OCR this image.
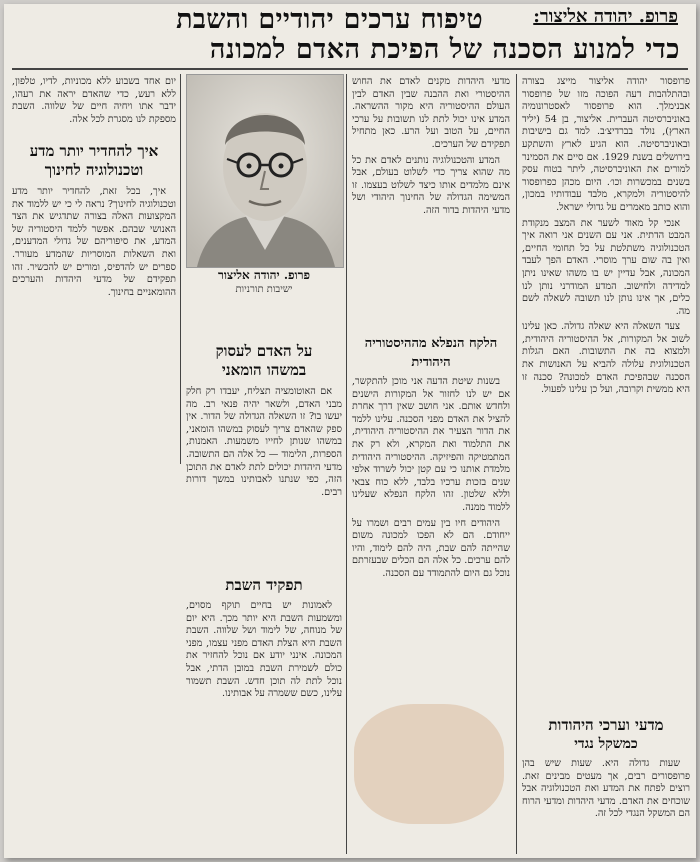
פרופ. יהודה אליצור:
טיפוח ערכים יהודיים והשבת
כדי למנוע הסכנה של הפיכת האדם למכונה

פרופסור יהודה אליצור מייצג בצורה ובהתלהבות דעה הפוכה מזו של פרופסור אבנימלך. הוא פרופסור לאסטרונומיה באוניברסיטה העברית. אליצור, בן 54 (יליד הארץ), נולד בברדיצ׳ב. למד גם בישיבות ובאוניברסיטה. הוא הגיע לארץ והשתקע בירושלים בשנת 1929. אם סיים את הסמינר למורים את האוניברסיטה, ליתר בטוח עסק בשנים במכשרות וכו׳. היום מכהן כפרופסור להיסטוריה ולמקרא, מלבד עבודותיו במכון, והוא כותב מאמרים על גדולי ישראל.

אנכי קל מאוד לשער את המצב מנקודת המבט הדתית. אני עם השנים אני רואה איך הטכנולוגיה משתלטת על כל תחומי החיים, ואין בה שום ערך מוסרי. האדם הפך לעבד המכונה, אבל עדיין יש בו משהו שאינו ניתן למדידה ולחישוב. המדע המודרני נותן לנו כלים, אך אינו נותן לנו תשובה לשאלה לשם מה.

צעד השאלה היא שאלה גדולה. כאן עלינו לשוב אל המקורות, אל ההיסטוריה היהודית, ולמצוא בה את התשובות. האם הגלות הטכנולוגית עלולה להביא על האנושות את הסכנה שבהפיכת האדם למכונה? סכנה זו היא ממשית וקרובה, ועל כן עלינו לפעול.

מדעי וערכי היהודות
כמשקל נגדי

שעות גדולה היא. שעות שיש בהן פרופסורים רבים, אך מעטים מבינים זאת. רוצים לפתח את המדע ואת הטכנולוגיה אבל שוכחים את האדם. מדעי היהדות ומדעי הרוח הם המשקל הנגדי לכל זה.

מדעי היהדות מקנים לאדם את החוש ההיסטורי ואת ההבנה שבין האדם לבין העולם ההיסטוריה היא מקור ההשראה. המדע אינו יכול לתת לנו תשובות על ערכי החיים, על הטוב ועל הרע. כאן מתחיל תפקידם של הערכים.

המדע והטכנולוגיה נותנים לאדם את כל מה שהוא צריך כדי לשלוט בעולם, אבל אינם מלמדים אותו כיצד לשלוט בעצמו. זו המשימה הגדולה של החינוך היהודי ושל מדעי היהדות בדור הזה.

הלקח הנפלא מההיסטוריה
היהודית

בשנות שיטת הדעה אני מוכן להתקשר, אם יש לנו לחזור אל המקורות הישנים ולחדש אותם. אני חושב שאין דרך אחרת להציל את האדם מפני הסכנה. עלינו ללמד את הדור הצעיר את ההיסטוריה היהודית, את התלמוד ואת המקרא, ולא רק את המתמטיקה והפיזיקה. ההיסטוריה היהודית מלמדת אותנו כי עם קטן יכול לשרוד אלפי שנים בזכות ערכיו בלבד, ללא כוח צבאי וללא שלטון. זהו הלקח הנפלא שעלינו ללמוד ממנה.

היהודים חיו בין עמים רבים ושמרו על ייחודם. הם לא הפכו למכונה משום שהייתה להם שבת, היה להם לימוד, והיו להם ערכים. כל אלה הם הכלים שבעזרתם נוכל גם היום להתמודד עם הסכנה.

פרופ. יהודה אליצור
ישיבות תורניות
על האדם לעסוק
במשהו הומאני

אם האוטומציה תצליח, יעבדו רק חלק מבני האדם, ולשאר יהיה פנאי רב. מה יעשו בו? זו השאלה הגדולה של הדור. אין ספק שהאדם צריך לעסוק במשהו הומאני, במשהו שנותן לחייו משמעות. האמנות, הספרות, הלימוד — כל אלה הם התשובה. מדעי היהדות יכולים לתת לאדם את התוכן הזה, כפי שנתנו לאבותינו במשך דורות רבים.

תפקיד השבת

לאמונות יש בחיים תוקף מסוים, ומשמעות השבת היא יותר מכך. היא יום של מנוחה, של לימוד ושל שלווה. השבת השבת היא הצלת האדם מפני עצמו, מפני המכונה. אינני יודע אם נוכל להחזיר את כולם לשמירת השבת במובן הדתי, אבל נוכל לתת לה תוכן חדש. השבת תשמור עלינו, כשם ששמרה על אבותינו.

יום אחד בשבוע ללא מכוניות, לדיו, טלפון, ללא רעש, כדי שהאדם יראה את רעהו, ידבר אתו ויחיה חיים של שלווה. השבת מספקת לנו מסגרת לכל אלה.

איך להחדיר יותר מדע
וטכנולוגיה לחינוך

איך, בכל זאת, להחדיר יותר מדע וטכנולוגיה לחינוך? נראה לי כי יש ללמוד את המקצועות האלה בצורה שתדגיש את הצד האנושי שבהם. אפשר ללמד היסטוריה של המדע, את סיפוריהם של גדולי המדענים, ואת השאלות המוסריות שהמדע מעורר. ספרים יש להדפיס, ומורים יש להכשיר. זהו תפקידם של מדעי היהדות והערכים ההומאניים בחינוך.
